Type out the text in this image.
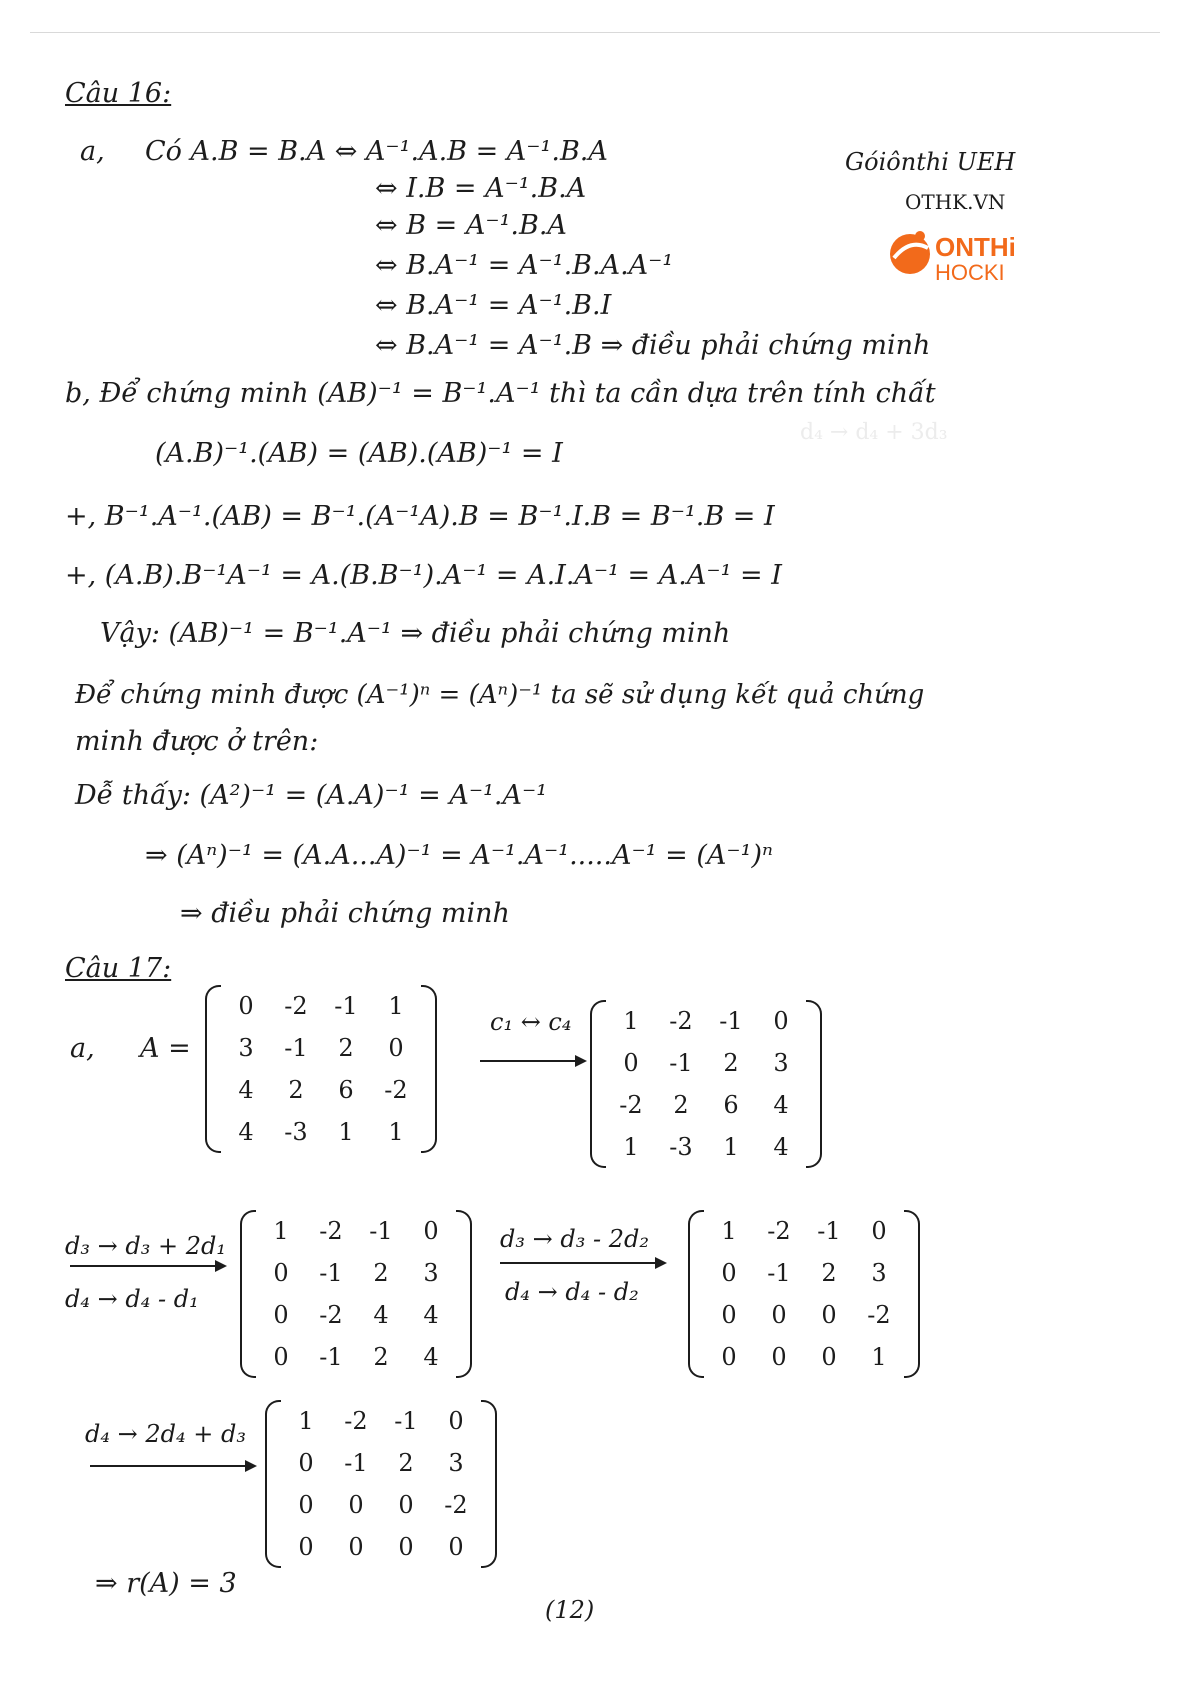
d₄ → d₄ + 3d₃
Góiônthi UEH
OTHK.VN
ONTHi
HOCKI
Câu 16:
a, Có A.B = B.A ⇔ A⁻¹.A.B = A⁻¹.B.A
⇔ I.B = A⁻¹.B.A
⇔ B = A⁻¹.B.A
⇔ B.A⁻¹ = A⁻¹.B.A.A⁻¹
⇔ B.A⁻¹ = A⁻¹.B.I
⇔ B.A⁻¹ = A⁻¹.B ⇒ điều phải chứng minh
b, Để chứng minh (AB)⁻¹ = B⁻¹.A⁻¹ thì ta cần dựa trên tính chất
(A.B)⁻¹.(AB) = (AB).(AB)⁻¹ = I
+, B⁻¹.A⁻¹.(AB) = B⁻¹.(A⁻¹A).B = B⁻¹.I.B = B⁻¹.B = I
+, (A.B).B⁻¹A⁻¹ = A.(B.B⁻¹).A⁻¹ = A.I.A⁻¹ = A.A⁻¹ = I
Vậy: (AB)⁻¹ = B⁻¹.A⁻¹ ⇒ điều phải chứng minh
Để chứng minh được (A⁻¹)ⁿ = (Aⁿ)⁻¹ ta sẽ sử dụng kết quả chứng
minh được ở trên:
Dễ thấy: (A²)⁻¹ = (A.A)⁻¹ = A⁻¹.A⁻¹
⇒ (Aⁿ)⁻¹ = (A.A...A)⁻¹ = A⁻¹.A⁻¹.....A⁻¹ = (A⁻¹)ⁿ
⇒ điều phải chứng minh
Câu 17:
a, A =
0	-2	-1	1
3	-1	2	0
4	2	6	-2
4	-3	1	1
c₁ ↔ c₄ 1	-2	-1	0
0	-1	2	3
-2	2	6	4
1	-3	1	4
d₃ → d₃ + 2d₁
d₄ → d₄ - d₁
1	-2	-1	0
0	-1	2	3
0	-2	4	4
0	-1	2	4
d₃ → d₃ - 2d₂
d₄ → d₄ - d₂
1	-2	-1	0
0	-1	2	3
0	0	0	-2
0	0	0	1
d₄ → 2d₄ + d₃ 1	-2	-1	0
0	-1	2	3
0	0	0	-2
0	0	0	0
⇒ r(A) = 3
(12)
